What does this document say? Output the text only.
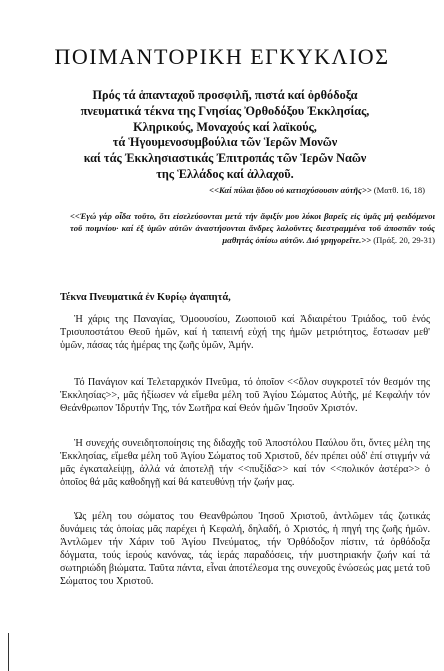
ΠΟΙΜΑΝΤΟΡΙΚΗ ΕΓΚΥΚΛΙΟΣ
Πρός τά ἁπανταχοῦ προσφιλῆ, πιστά καί ὀρθόδοξα
πνευματικά τέκνα της Γνησίας Ὀρθοδόξου Ἐκκλησίας,
Κληρικούς, Μοναχούς καί λαϊκούς,
τά Ἡγουμενοσυμβούλια τῶν Ἱερῶν Μονῶν
καί τάς Ἐκκλησιαστικάς Ἐπιτροπάς τῶν Ἱερῶν Ναῶν
της Ἑλλάδος καί ἀλλαχοῦ.
<<Καί πύλαι ᾅδου οὐ κατισχύσουσιν αὐτῆς>> (Ματθ. 16, 18)
<<Ἐγώ γάρ οἶδα τοῦτο, ὅτι εἰσελεύσονται μετά τήν ἄφιξίν μου λύκοι βαρεῖς εἰς ὑμᾶς μή φειδόμενοι τοῦ ποιμνίου· καί ἐξ ὑμῶν αὐτῶν ἀναστήσονται ἄνδρες λαλοῦντες διεστραμμένα τοῦ ἀποσπᾶν τούς μαθητάς ὀπίσω αὐτῶν. Διό γρηγορεῖτε.>> (Πράξ. 20, 29-31)
Τέκνα Πνευματικά ἐν Κυρίῳ ἀγαπητά,

Ἡ χάρις της Παναγίας, Ὁμοουσίου, Ζωοποιοῦ καί Ἀδιαιρέτου Τριάδος, τοῦ ἑνός Τρισυποστάτου Θεοῦ ἡμῶν, καί ἡ ταπεινή εὐχή της ἡμῶν μετριότητος, ἔστωσαν μεθ' ὑμῶν, πάσας τάς ἡμέρας της ζωῆς ὑμῶν, Ἀμήν.

Τό Πανάγιον καί Τελεταρχικόν Πνεῦμα, τό ὁποῖον <<ὅλον συγκροτεῖ τόν θεσμόν της Ἐκκλησίας>>, μᾶς ἠξίωσεν νά εἴμεθα μέλη τοῦ Ἁγίου Σώματος Αὐτῆς, μέ Κεφαλήν τόν Θεάνθρωπον Ἱδρυτήν Της, τόν Σωτῆρα καί Θεόν ἡμῶν Ἰησοῦν Χριστόν.

Ἡ συνεχής συνειδητοποίησις της διδαχῆς τοῦ Ἀποστόλου Παύλου ὅτι, ὄντες μέλη της Ἐκκλησίας, εἴμεθα μέλη τοῦ Ἁγίου Σώματος τοῦ Χριστοῦ, δέν πρέπει οὐδ' ἐπί στιγμήν νά μᾶς ἐγκαταλείψῃ, ἀλλά νά ἀποτελῇ τήν <<πυξίδα>> καί τόν <<πολικόν ἀστέρα>> ὁ ὁποῖος θά μᾶς καθοδηγῇ καί θά κατευθύνῃ τήν ζωήν μας.

Ὡς μέλη του σώματος του Θεανθρώπου Ἰησοῦ Χριστοῦ, ἀντλῶμεν τάς ζωτικάς δυνάμεις τάς ὁποίας μᾶς παρέχει ἡ Κεφαλή, δηλαδή, ὁ Χριστός, ἡ πηγή της ζωῆς ἡμῶν. Ἀντλῶμεν τήν Χάριν τοῦ Ἁγίου Πνεύματος, τήν Ὀρθόδοξον πίστιν, τά ὀρθόδοξα δόγματα, τούς ἱερούς κανόνας, τάς ἱεράς παραδόσεις, τήν μυστηριακήν ζωήν καί τά σωτηριώδη βιώματα. Ταῦτα πάντα, εἶναι ἀποτέλεσμα της συνεχοῦς ἑνώσεώς μας μετά τοῦ Σώματος του Χριστοῦ.
